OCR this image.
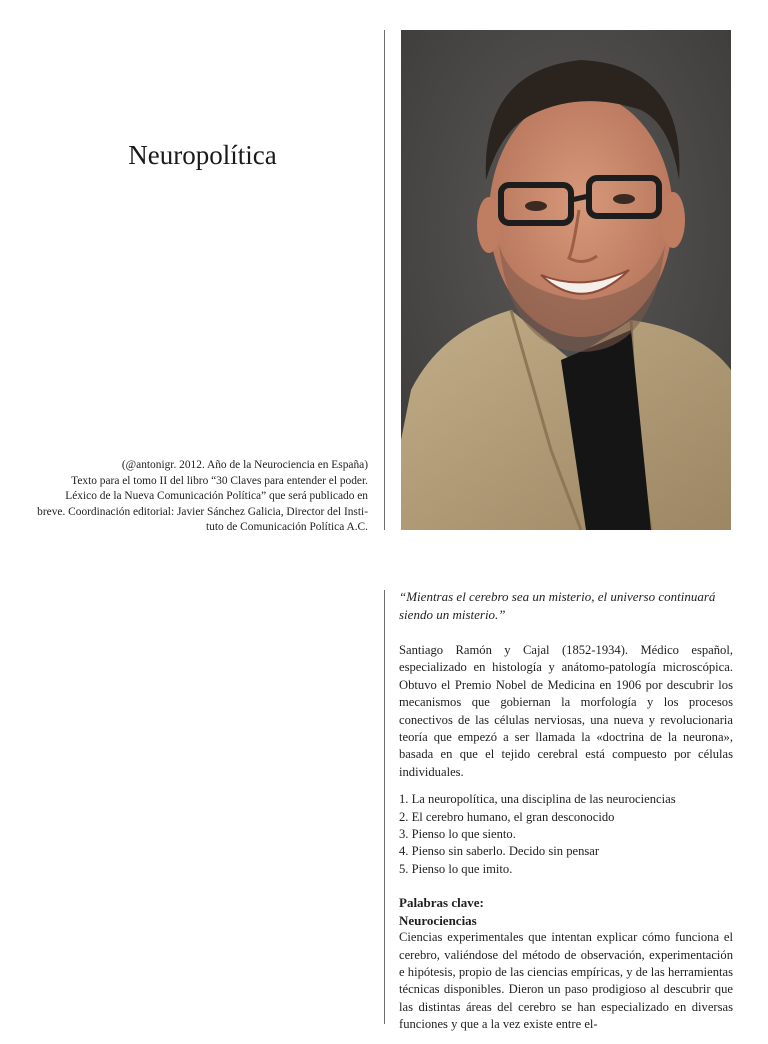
Neuropolítica

(@antonigr. 2012. Año de la Neurociencia en España)

Texto para el tomo II del libro “30 Claves para entender el poder.

Léxico de la Nueva Comunicación Política” que será publicado en

breve. Coordinación editorial: Javier Sánchez Galicia, Director del Insti-

tuto de Comunicación Política A.C.

“Mientras el cerebro sea un misterio, el universo continuará siendo un misterio.”

Santiago Ramón y Cajal (1852-1934). Médico español, especializado en histología y anátomo-patología microscópica. Obtuvo el Premio Nobel de Medicina en 1906 por descubrir los mecanismos que gobiernan la morfología y los procesos conectivos de las células nerviosas, una nueva y revolucionaria teoría que empezó a ser llamada la «doctrina de la neurona», basada en que el tejido cerebral está compuesto por células individuales.

1. La neuropolítica, una disciplina de las neurociencias
2. El cerebro humano, el gran desconocido
3. Pienso lo que siento.
4. Pienso sin saberlo. Decido sin pensar
5. Pienso lo que imito.

Palabras clave:

Neurociencias

Ciencias experimentales que intentan explicar cómo funciona el cerebro, valiéndose del método de observación, experimentación e hipótesis, propio de las ciencias empíricas, y de las herramientas técnicas disponibles. Dieron un paso prodigioso al descubrir que las distintas áreas del cerebro se han especializado en diversas funciones y que a la vez existe entre el-
